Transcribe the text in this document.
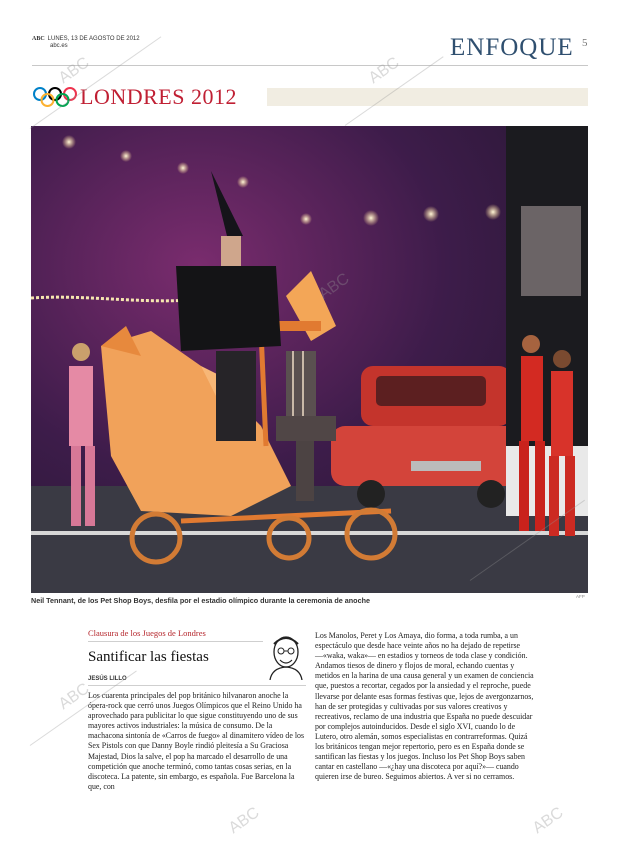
ABC LUNES, 13 DE AGOSTO DE 2012
abc.es	ENFOQUE 5
LONDRES 2012
Neil Tennant, de los Pet Shop Boys, desfila por el estadio olímpico durante la ceremonia de anoche	AFP
Clausura de los Juegos de Londres
Santificar las fiestas
JESÚS LILLO

Los cuarenta principales del pop británico hilvanaron anoche la ópera-rock que cerró unos Juegos Olímpicos que el Reino Unido ha aprovechado para publicitar lo que sigue constituyendo uno de sus mayores activos industriales: la música de consumo. De la machacona sintonía de «Carros de fuego» al dinamitero vídeo de los Sex Pistols con que Danny Boyle rindió pleitesía a Su Graciosa Majestad, Dios la salve, el pop ha marcado el desarrollo de una competición que anoche terminó, como tantas cosas serias, en la discoteca. La patente, sin embargo, es española. Fue Barcelona la que, con

Los Manolos, Peret y Los Amaya, dio forma, a toda rumba, a un espectáculo que desde hace veinte años no ha dejado de repetirse —«waka, waka»— en estadios y torneos de toda clase y condición. Andamos tiesos de dinero y flojos de moral, echando cuentas y metidos en la harina de una causa general y un examen de conciencia que, puestos a recortar, cegados por la ansiedad y el reproche, puede llevarse por delante esas formas festivas que, lejos de avergonzarnos, han de ser protegidas y cultivadas por sus valores creativos y recreativos, reclamo de una industria que España no puede descuidar por complejos autoinducidos. Desde el siglo XVI, cuando lo de Lutero, otro alemán, somos especialistas en contrarreformas. Quizá los británicos tengan mejor repertorio, pero es en España donde se santifican las fiestas y los juegos. Incluso los Pet Shop Boys saben cantar en castellano —«¿hay una discoteca por aquí?»— cuando quieren irse de bureo. Seguimos abiertos. A ver si no cerramos.

ABC	ABC
ABC
ABC
ABC	ABC
